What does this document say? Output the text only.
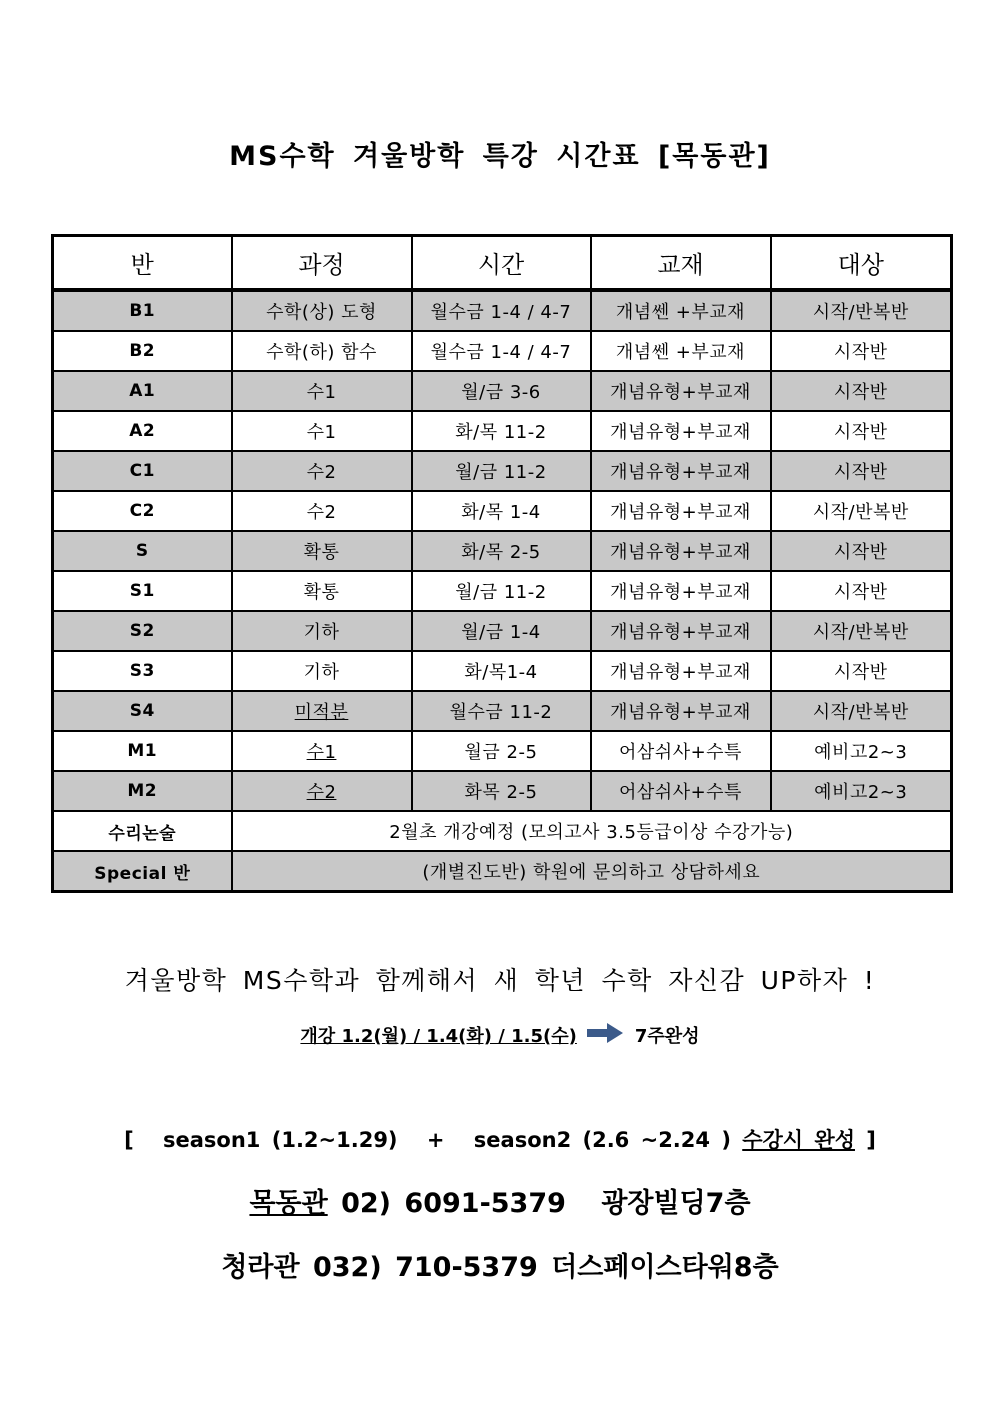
MS수학 겨울방학 특강 시간표 [목동관]
반	과정	시간	교재	대상
B1	수학(상) 도형	월수금 1-4 / 4-7	개념쎈 +부교재	시작/반복반
B2	수학(하) 함수	월수금 1-4 / 4-7	개념쎈 +부교재	시작반
A1	수1	월/금 3-6	개념유형+부교재	시작반
A2	수1	화/목 11-2	개념유형+부교재	시작반
C1	수2	월/금 11-2	개념유형+부교재	시작반
C2	수2	화/목 1-4	개념유형+부교재	시작/반복반
S	확통	화/목 2-5	개념유형+부교재	시작반
S1	확통	월/금 11-2	개념유형+부교재	시작반
S2	기하	월/금 1-4	개념유형+부교재	시작/반복반
S3	기하	화/목1-4	개념유형+부교재	시작반
S4	미적분	월수금 11-2	개념유형+부교재	시작/반복반
M1	수1	월금 2-5	어삼쉬사+수특	예비고2~3
M2	수2	화목 2-5	어삼쉬사+수특	예비고2~3
수리논술	2월초 개강예정 (모의고사 3.5등급이상 수강가능)			
Special 반	(개별진도반) 학원에 문의하고 상담하세요			
겨울방학 MS수학과 함께해서 새 학년 수학 자신감 UP하자 !
개강 1.2(월) / 1.4(화) / 1.5(수)	7주완성
[ season1 (1.2~1.29) + season2 (2.6 ~2.24 ) 수강시 완성 ]
목동관 02) 6091-5379 광장빌딩7층
청라관 032) 710-5379 더스페이스타워8층
